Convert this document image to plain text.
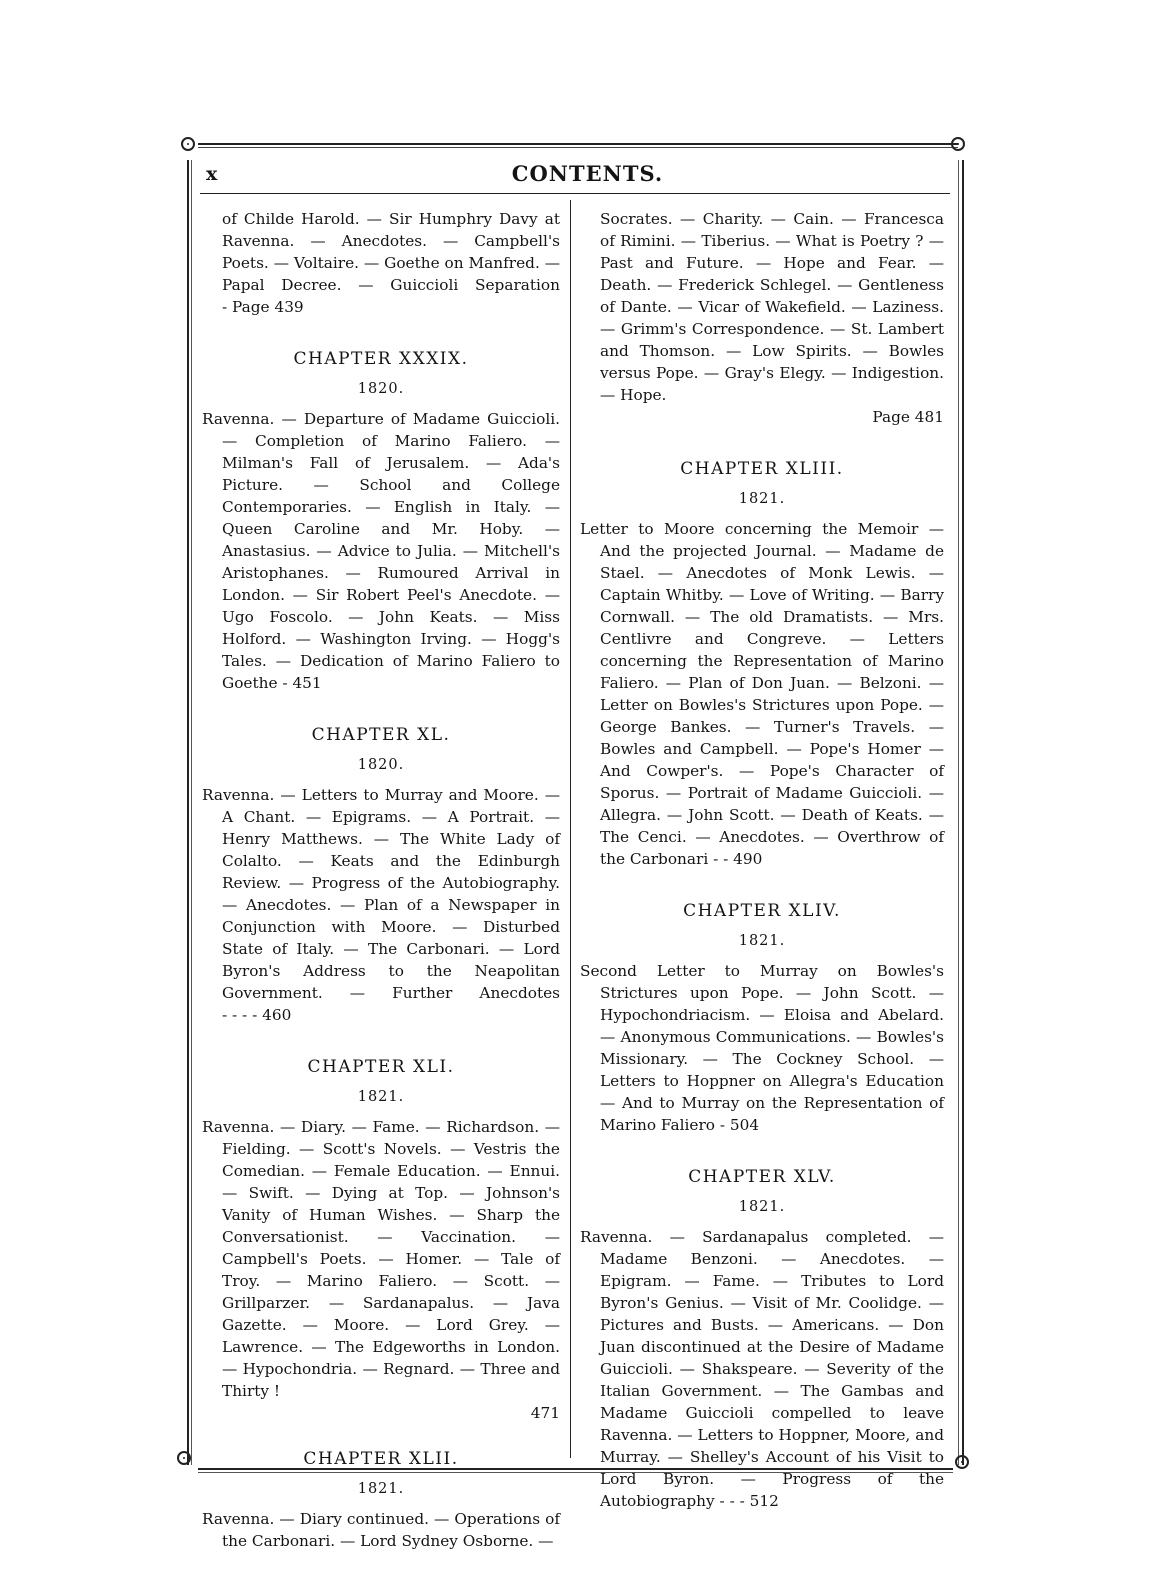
x	CONTENTS.

of Childe Harold. — Sir Humphry Davy at Ravenna. — Anecdotes. — Campbell's Poets. — Voltaire. — Goethe on Manfred. — Papal Decree. — Guiccioli Separation - Page 439

CHAPTER XXXIX.

1820.

Ravenna. — Departure of Madame Guiccioli. — Completion of Marino Faliero. — Milman's Fall of Jerusalem. — Ada's Picture. — School and College Contemporaries. — English in Italy. — Queen Caroline and Mr. Hoby. — Anastasius. — Advice to Julia. — Mitchell's Aristophanes. — Rumoured Arrival in London. — Sir Robert Peel's Anecdote. — Ugo Foscolo. — John Keats. — Miss Holford. — Washington Irving. — Hogg's Tales. — Dedication of Marino Faliero to Goethe - 451

CHAPTER XL.

1820.

Ravenna. — Letters to Murray and Moore. — A Chant. — Epigrams. — A Portrait. — Henry Matthews. — The White Lady of Colalto. — Keats and the Edinburgh Review. — Progress of the Autobiography. — Anecdotes. — Plan of a Newspaper in Conjunction with Moore. — Disturbed State of Italy. — The Carbonari. — Lord Byron's Address to the Neapolitan Government. — Further Anecdotes - - - - 460

CHAPTER XLI.

1821.

Ravenna. — Diary. — Fame. — Richardson. — Fielding. — Scott's Novels. — Vestris the Comedian. — Female Education. — Ennui. — Swift. — Dying at Top. — Johnson's Vanity of Human Wishes. — Sharp the Conversationist. — Vaccination. — Campbell's Poets. — Homer. — Tale of Troy. — Marino Faliero. — Scott. — Grillparzer. — Sardanapalus. — Java Gazette. — Moore. — Lord Grey. — Lawrence. — The Edgeworths in London. — Hypochondria. — Regnard. — Three and Thirty !

471

CHAPTER XLII.

1821.

Ravenna. — Diary continued. — Operations of the Carbonari. — Lord Sydney Osborne. —

Socrates. — Charity. — Cain. — Francesca of Rimini. — Tiberius. — What is Poetry ? — Past and Future. — Hope and Fear. — Death. — Frederick Schlegel. — Gentleness of Dante. — Vicar of Wakefield. — Laziness. — Grimm's Correspondence. — St. Lambert and Thomson. — Low Spirits. — Bowles versus Pope. — Gray's Elegy. — Indigestion. — Hope.

Page 481

CHAPTER XLIII.

1821.

Letter to Moore concerning the Memoir — And the projected Journal. — Madame de Stael. — Anecdotes of Monk Lewis. — Captain Whitby. — Love of Writing. — Barry Cornwall. — The old Dramatists. — Mrs. Centlivre and Congreve. — Letters concerning the Representation of Marino Faliero. — Plan of Don Juan. — Belzoni. — Letter on Bowles's Strictures upon Pope. — George Bankes. — Turner's Travels. — Bowles and Campbell. — Pope's Homer — And Cowper's. — Pope's Character of Sporus. — Portrait of Madame Guiccioli. — Allegra. — John Scott. — Death of Keats. — The Cenci. — Anecdotes. — Overthrow of the Carbonari - - 490

CHAPTER XLIV.

1821.

Second Letter to Murray on Bowles's Strictures upon Pope. — John Scott. — Hypochondriacism. — Eloisa and Abelard. — Anonymous Communications. — Bowles's Missionary. — The Cockney School. — Letters to Hoppner on Allegra's Education — And to Murray on the Representation of Marino Faliero - 504

CHAPTER XLV.

1821.

Ravenna. — Sardanapalus completed. — Madame Benzoni. — Anecdotes. — Epigram. — Fame. — Tributes to Lord Byron's Genius. — Visit of Mr. Coolidge. — Pictures and Busts. — Americans. — Don Juan discontinued at the Desire of Madame Guiccioli. — Shakspeare. — Severity of the Italian Government. — The Gambas and Madame Guiccioli compelled to leave Ravenna. — Letters to Hoppner, Moore, and Murray. — Shelley's Account of his Visit to Lord Byron. — Progress of the Autobiography - - - 512
